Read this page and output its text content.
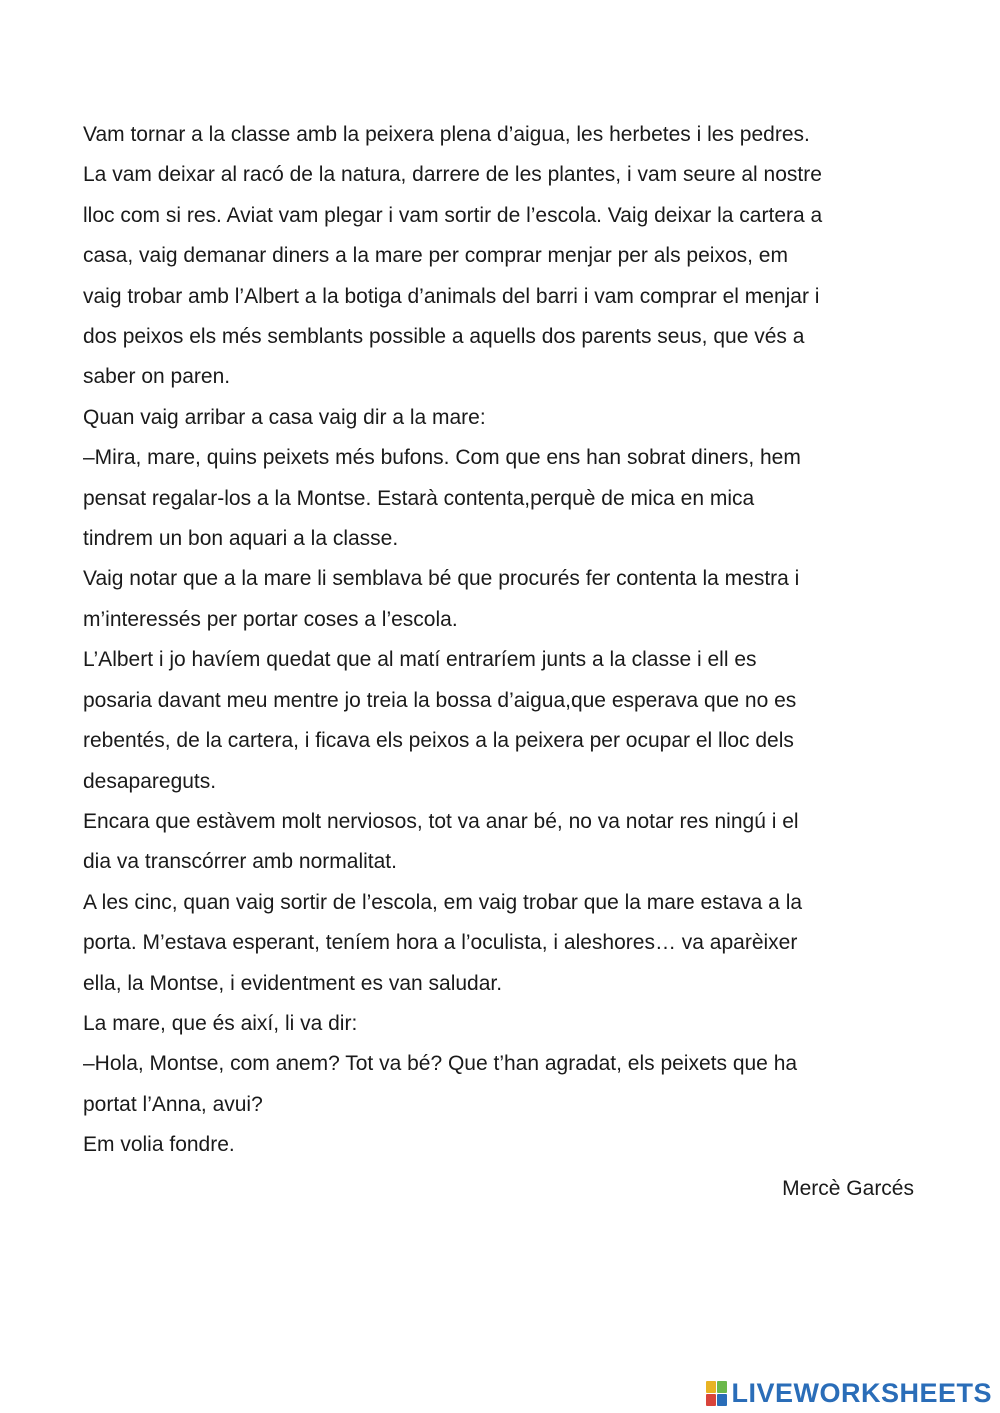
Vam tornar a la classe amb la peixera plena d’aigua, les herbetes i les pedres.
La vam deixar al racó de la natura, darrere de les plantes, i vam seure al nostre
lloc com si res. Aviat vam plegar i vam sortir de l’escola. Vaig deixar la cartera a
casa, vaig demanar diners a la mare per comprar menjar per als peixos, em
vaig trobar amb l’Albert a la botiga d’animals del barri i vam comprar el menjar i
dos peixos els més semblants possible a aquells dos parents seus, que vés a
saber on paren.
Quan vaig arribar a casa vaig dir a la mare:
–Mira, mare, quins peixets més bufons. Com que ens han sobrat diners, hem
pensat regalar-los a la Montse. Estarà contenta,perquè de mica en mica
tindrem un bon aquari a la classe.
Vaig notar que a la mare li semblava bé que procurés fer contenta la mestra i
m’interessés per portar coses a l’escola.
L’Albert i jo havíem quedat que al matí entraríem junts a la classe i ell es
posaria davant meu mentre jo treia la bossa d’aigua,que esperava que no es
rebentés, de la cartera, i ficava els peixos a la peixera per ocupar el lloc dels
desapareguts.
Encara que estàvem molt nerviosos, tot va anar bé, no va notar res ningú i el
dia va transcórrer amb normalitat.
A les cinc, quan vaig sortir de l’escola, em vaig trobar que la mare estava a la
porta. M’estava esperant, teníem hora a l’oculista, i aleshores… va aparèixer
ella, la Montse, i evidentment es van saludar.
La mare, que és així, li va dir:
–Hola, Montse, com anem? Tot va bé? Que t’han agradat, els peixets que ha
portat l’Anna, avui?
Em volia fondre.
Mercè Garcés
LIVEWORKSHEETS
